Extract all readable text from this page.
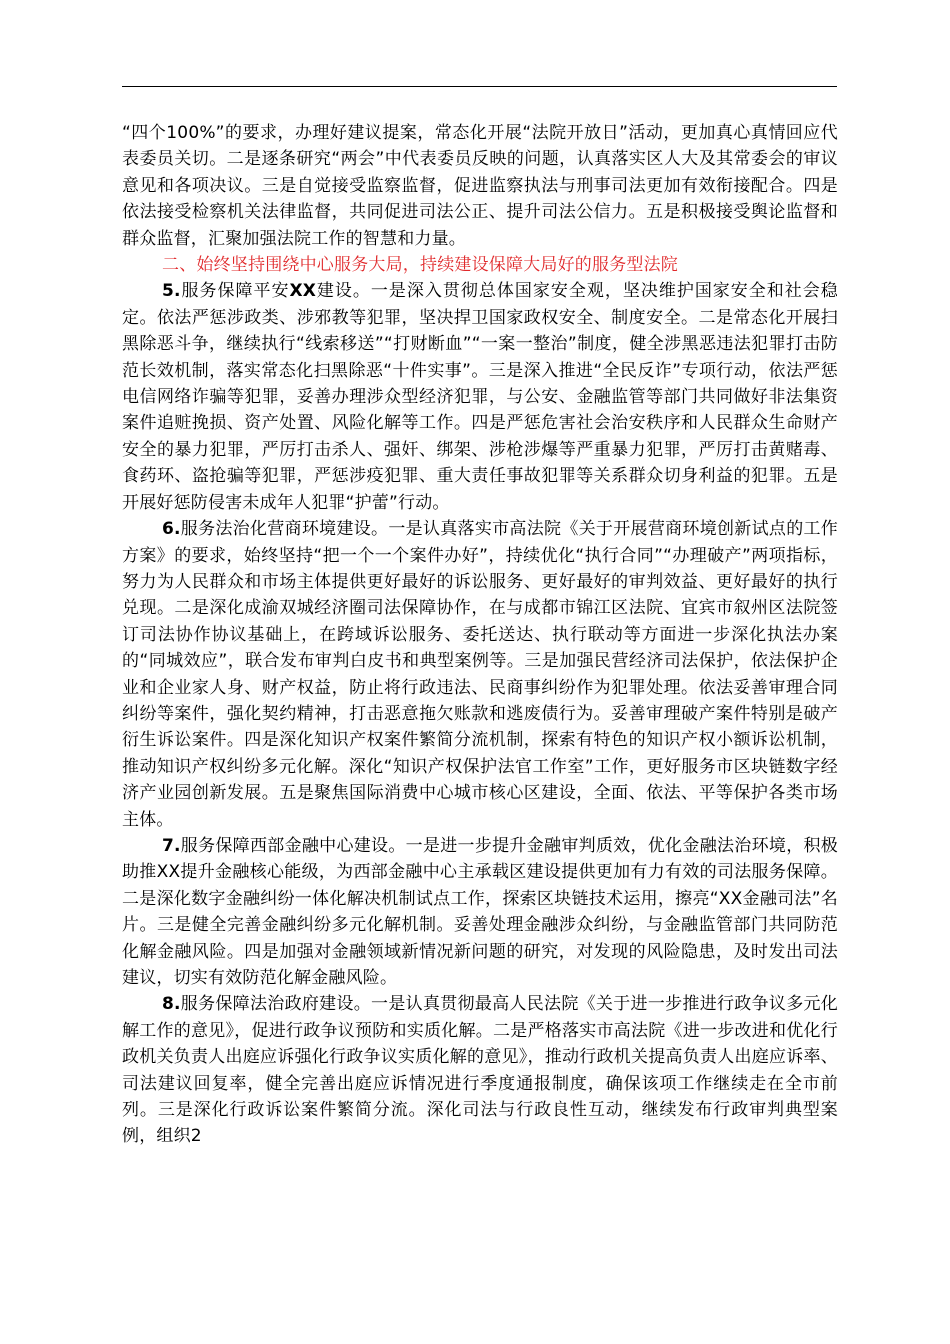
“四个100%”的要求，办理好建议提案，常态化开展“法院开放日”活动，更加真心真情回应代表委员关切。二是逐条研究“两会”中代表委员反映的问题，认真落实区人大及其常委会的审议意见和各项决议。三是自觉接受监察监督，促进监察执法与刑事司法更加有效衔接配合。四是依法接受检察机关法律监督，共同促进司法公正、提升司法公信力。五是积极接受舆论监督和群众监督，汇聚加强法院工作的智慧和力量。

二、始终坚持围绕中心服务大局，持续建设保障大局好的服务型法院

5.服务保障平安XX建设。一是深入贯彻总体国家安全观，坚决维护国家安全和社会稳定。依法严惩涉政类、涉邪教等犯罪，坚决捍卫国家政权安全、制度安全。二是常态化开展扫黑除恶斗争，继续执行“线索移送”“打财断血”“一案一整治”制度，健全涉黑恶违法犯罪打击防范长效机制，落实常态化扫黑除恶“十件实事”。三是深入推进“全民反诈”专项行动，依法严惩电信网络诈骗等犯罪，妥善办理涉众型经济犯罪，与公安、金融监管等部门共同做好非法集资案件追赃挽损、资产处置、风险化解等工作。四是严惩危害社会治安秩序和人民群众生命财产安全的暴力犯罪，严厉打击杀人、强奸、绑架、涉枪涉爆等严重暴力犯罪，严厉打击黄赌毒、食药环、盗抢骗等犯罪，严惩涉疫犯罪、重大责任事故犯罪等关系群众切身利益的犯罪。五是开展好惩防侵害未成年人犯罪“护蕾”行动。

6.服务法治化营商环境建设。一是认真落实市高法院《关于开展营商环境创新试点的工作方案》的要求，始终坚持“把一个一个案件办好”，持续优化“执行合同”“办理破产”两项指标，努力为人民群众和市场主体提供更好最好的诉讼服务、更好最好的审判效益、更好最好的执行兑现。二是深化成渝双城经济圈司法保障协作，在与成都市锦江区法院、宜宾市叙州区法院签订司法协作协议基础上，在跨域诉讼服务、委托送达、执行联动等方面进一步深化执法办案的“同城效应”，联合发布审判白皮书和典型案例等。三是加强民营经济司法保护，依法保护企业和企业家人身、财产权益，防止将行政违法、民商事纠纷作为犯罪处理。依法妥善审理合同纠纷等案件，强化契约精神，打击恶意拖欠账款和逃废债行为。妥善审理破产案件特别是破产衍生诉讼案件。四是深化知识产权案件繁简分流机制，探索有特色的知识产权小额诉讼机制，推动知识产权纠纷多元化解。深化“知识产权保护法官工作室”工作，更好服务市区块链数字经济产业园创新发展。五是聚焦国际消费中心城市核心区建设，全面、依法、平等保护各类市场主体。

7.服务保障西部金融中心建设。一是进一步提升金融审判质效，优化金融法治环境，积极助推XX提升金融核心能级，为西部金融中心主承载区建设提供更加有力有效的司法服务保障。二是深化数字金融纠纷一体化解决机制试点工作，探索区块链技术运用，擦亮“XX金融司法”名片。三是健全完善金融纠纷多元化解机制。妥善处理金融涉众纠纷，与金融监管部门共同防范化解金融风险。四是加强对金融领域新情况新问题的研究，对发现的风险隐患，及时发出司法建议，切实有效防范化解金融风险。

8.服务保障法治政府建设。一是认真贯彻最高人民法院《关于进一步推进行政争议多元化解工作的意见》，促进行政争议预防和实质化解。二是严格落实市高法院《进一步改进和优化行政机关负责人出庭应诉强化行政争议实质化解的意见》，推动行政机关提高负责人出庭应诉率、司法建议回复率，健全完善出庭应诉情况进行季度通报制度，确保该项工作继续走在全市前列。三是深化行政诉讼案件繁简分流。深化司法与行政良性互动，继续发布行政审判典型案例，组织2
